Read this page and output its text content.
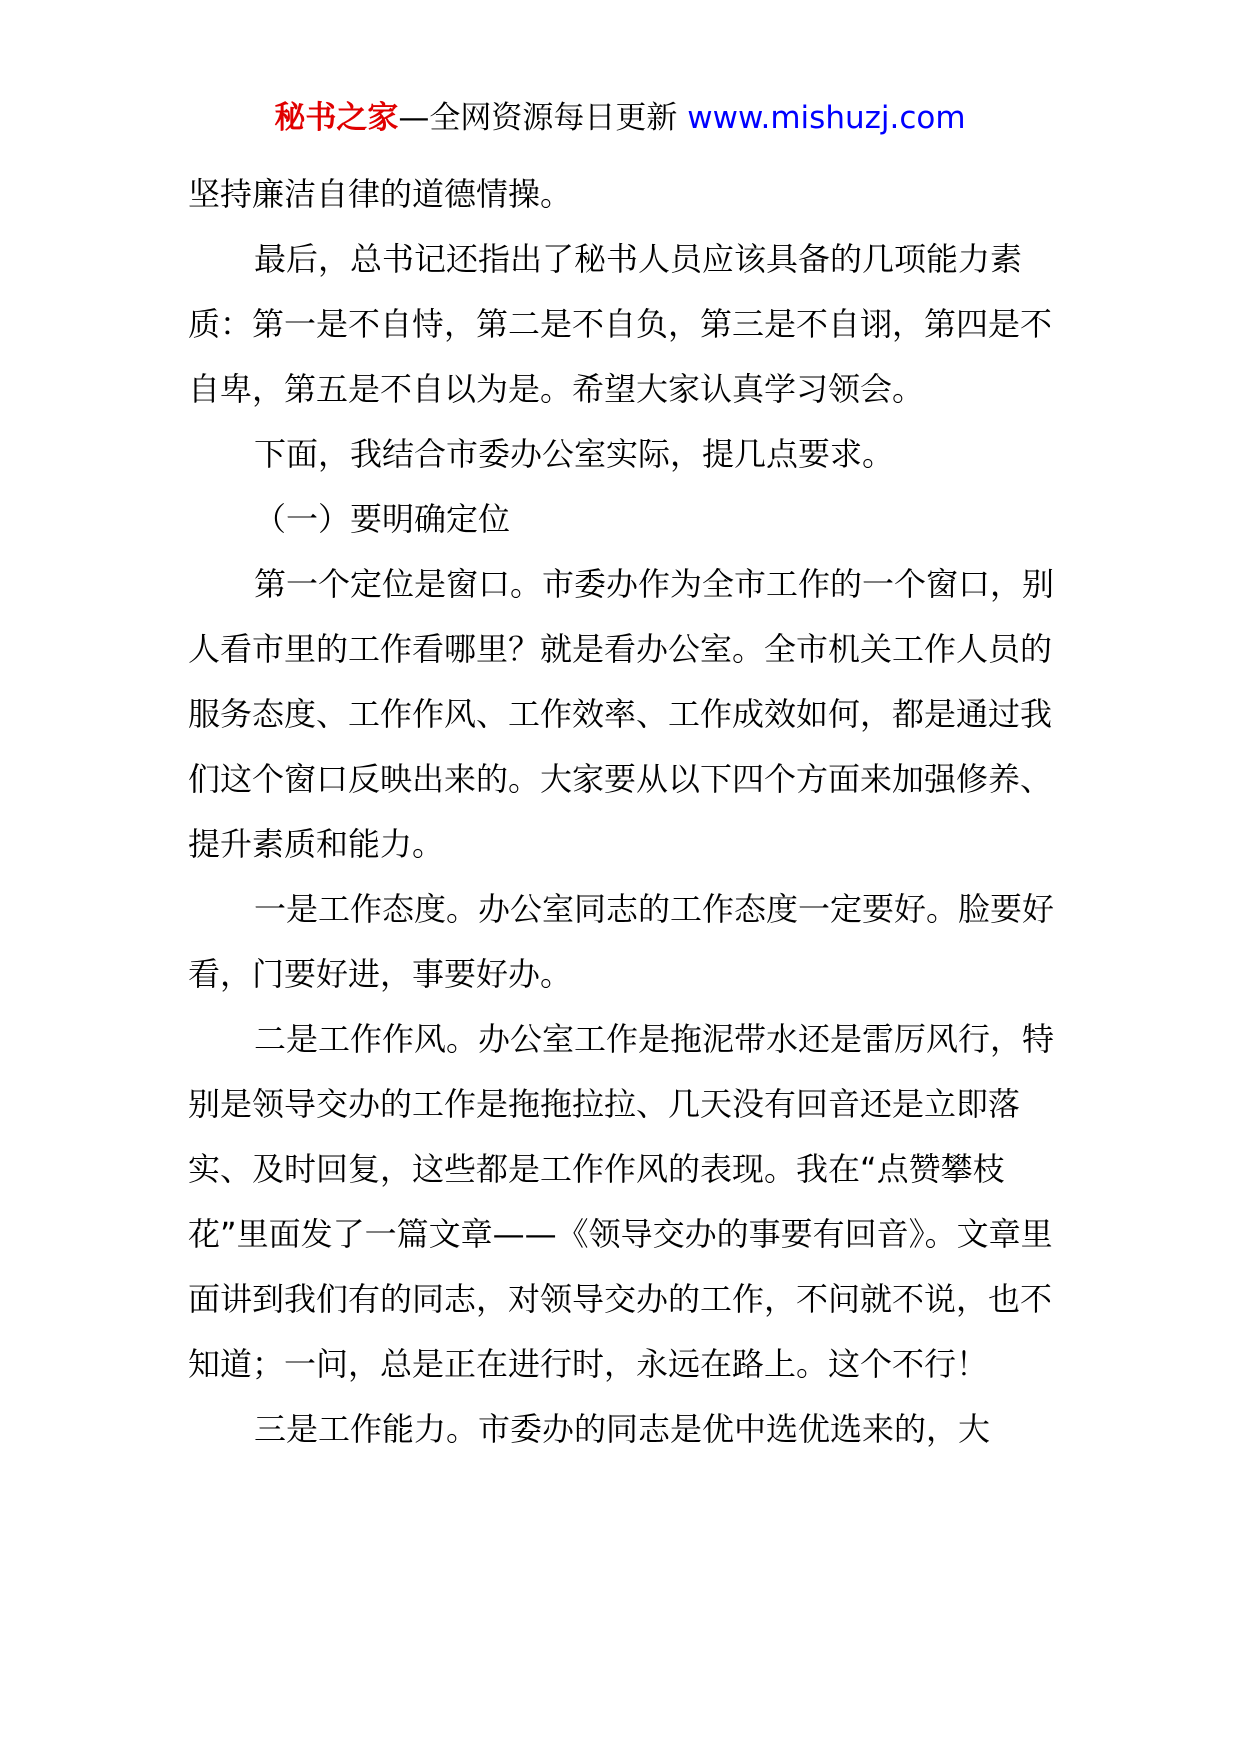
秘书之家—全网资源每日更新 www.mishuzj.com

坚持廉洁自律的道德情操。

最后，总书记还指出了秘书人员应该具备的几项能力素质：第一是不自恃，第二是不自负，第三是不自诩，第四是不自卑，第五是不自以为是。希望大家认真学习领会。

下面，我结合市委办公室实际，提几点要求。

（一）要明确定位

第一个定位是窗口。市委办作为全市工作的一个窗口，别人看市里的工作看哪里？就是看办公室。全市机关工作人员的服务态度、工作作风、工作效率、工作成效如何，都是通过我们这个窗口反映出来的。大家要从以下四个方面来加强修养、提升素质和能力。

一是工作态度。办公室同志的工作态度一定要好。脸要好看，门要好进，事要好办。

二是工作作风。办公室工作是拖泥带水还是雷厉风行，特别是领导交办的工作是拖拖拉拉、几天没有回音还是立即落实、及时回复，这些都是工作作风的表现。我在“点赞攀枝花”里面发了一篇文章——《领导交办的事要有回音》。文章里面讲到我们有的同志，对领导交办的工作，不问就不说，也不知道；一问，总是正在进行时，永远在路上。这个不行！

三是工作能力。市委办的同志是优中选优选来的，大
